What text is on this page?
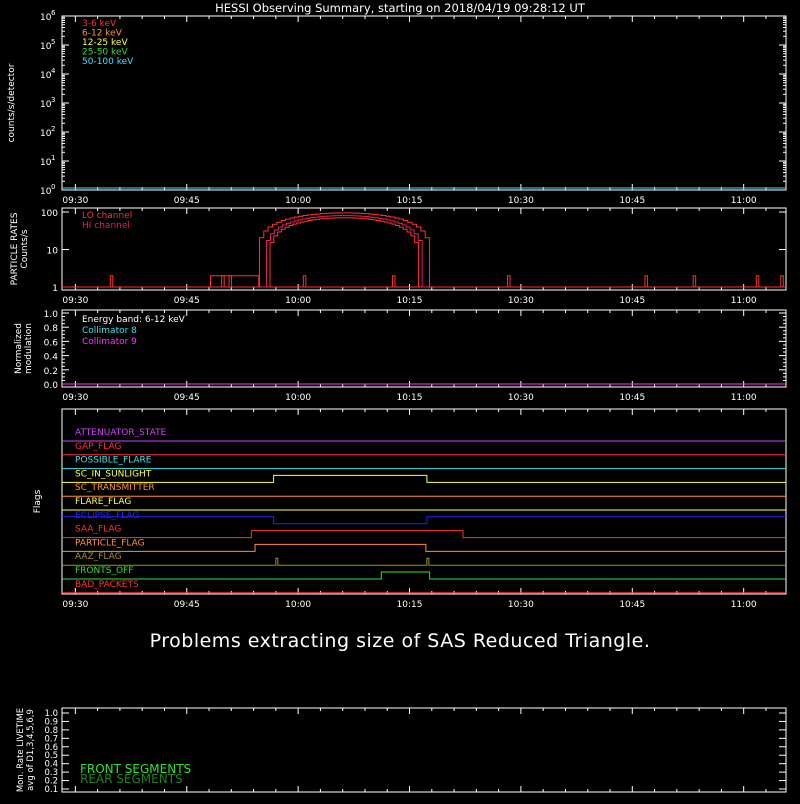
HESSI Observing Summary, starting on 2018/04/19 09:28:12 UT
09:30	09:45	10:00	10:15	10:30	10:45	11:00
10 6
10 5
10 4
10 3
10 2
10 1
10 0
counts/s/detector
3-6 keV
6-12 keV
12-25 keV
25-50 keV
50-100 keV
09:30	09:45	10:00	10:15	10:30	10:45	11:00
100
10
1
PARTICLE RATES Counts/s
LO channel
HI channel
09:30	09:45	10:00	10:15	10:30	10:45	11:00
1.0
0.8
0.6
0.4
0.2
0.0
Normalized modulation
Energy band: 6-12 keV
Collimator 8
Collimator 9
09:30	09:45	10:00	10:15	10:30	10:45	11:00
Flags
ATTENUATOR_STATE
GAP_FLAG
POSSIBLE_FLARE
SC_IN_SUNLIGHT
SC_TRANSMITTER
FLARE_FLAG
ECLIPSE_FLAG
SAA_FLAG
PARTICLE_FLAG
AAZ_FLAG
FRONTS_OFF
BAD_PACKETS
1.0
0.9
0.8
0.7
0.6
0.5
0.4
0.3
0.2
0.1
Mon. Rate LIVETIME avg of D1,3,4,5,6,9	FRONT SEGMENTS
REAR SEGMENTS
Problems extracting size of SAS Reduced Triangle.
